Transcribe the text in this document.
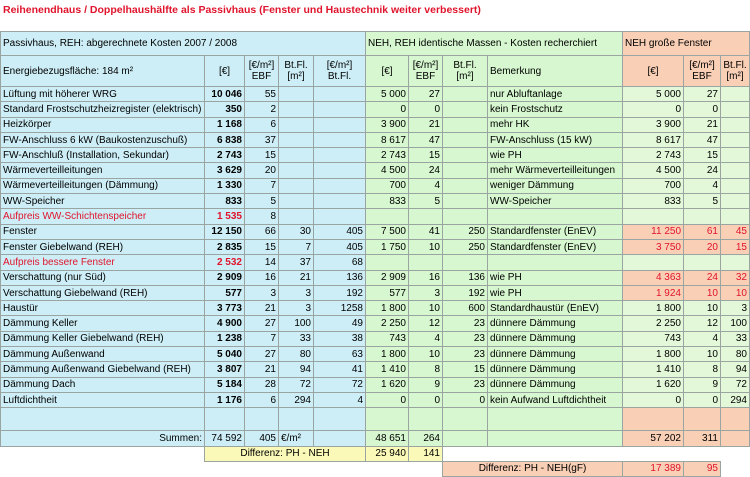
Reihenendhaus / Doppelhaushälfte als Passivhaus (Fenster und Haustechnik weiter verbessert)
Passivhaus, REH: abgerechnete Kosten 2007 / 2008					NEH, REH identische Massen - Kosten recherchiert				NEH große Fenster		
Energiebezugsfläche: 184 m²	[€]	[€/m²] EBF	Bt.Fl. [m²]	[€/m²] Bt.Fl.	[€]	[€/m²] EBF	Bt.Fl. [m²]	Bemerkung	[€]	[€/m²] EBF	Bt.Fl. [m²]
Lüftung mit höherer WRG	10 046	55			5 000	27		nur Abluftanlage	5 000	27	
Standard Frostschutzheizregister (elektrisch)	350	2			0	0		kein Frostschutz	0	0	
Heizkörper	1 168	6			3 900	21		mehr HK	3 900	21	
FW-Anschluss 6 kW (Baukostenzuschuß)	6 838	37			8 617	47		FW-Anschluss (15 kW)	8 617	47	
FW-Anschluß (Installation, Sekundar)	2 743	15			2 743	15		wie PH	2 743	15	
Wärmeverteilleitungen	3 629	20			4 500	24		mehr Wärmeverteilleitungen	4 500	24	
Wärmeverteilleitungen (Dämmung)	1 330	7			700	4		weniger Dämmung	700	4	
WW-Speicher	833	5			833	5		WW-Speicher	833	5	
Aufpreis WW-Schichtenspeicher	1 535	8									
Fenster	12 150	66	30	405	7 500	41	250	Standardfenster (EnEV)	11 250	61	45
Fenster Giebelwand (REH)	2 835	15	7	405	1 750	10	250	Standardfenster (EnEV)	3 750	20	15
Aufpreis bessere Fenster	2 532	14	37	68							
Verschattung (nur Süd)	2 909	16	21	136	2 909	16	136	wie PH	4 363	24	32
Verschattung Giebelwand (REH)	577	3	3	192	577	3	192	wie PH	1 924	10	10
Haustür	3 773	21	3	1258	1 800	10	600	Standardhaustür (EnEV)	1 800	10	3
Dämmung Keller	4 900	27	100	49	2 250	12	23	dünnere Dämmung	2 250	12	100
Dämmung Keller Giebelwand (REH)	1 238	7	33	38	743	4	23	dünnere Dämmung	743	4	33
Dämmung Außenwand	5 040	27	80	63	1 800	10	23	dünnere Dämmung	1 800	10	80
Dämmung Außenwand Giebelwand (REH)	3 807	21	94	41	1 410	8	15	dünnere Dämmung	1 410	8	94
Dämmung Dach	5 184	28	72	72	1 620	9	23	dünnere Dämmung	1 620	9	72
Luftdichtheit	1 176	6	294	4	0	0	0	kein Aufwand Luftdichtheit	0	0	294

Summen:	74 592	405	€/m²		48 651	264			57 202	311	
	Differenz: PH - NEH				25 940	141					
							Differenz: PH - NEH(gF)		17 389	95	
